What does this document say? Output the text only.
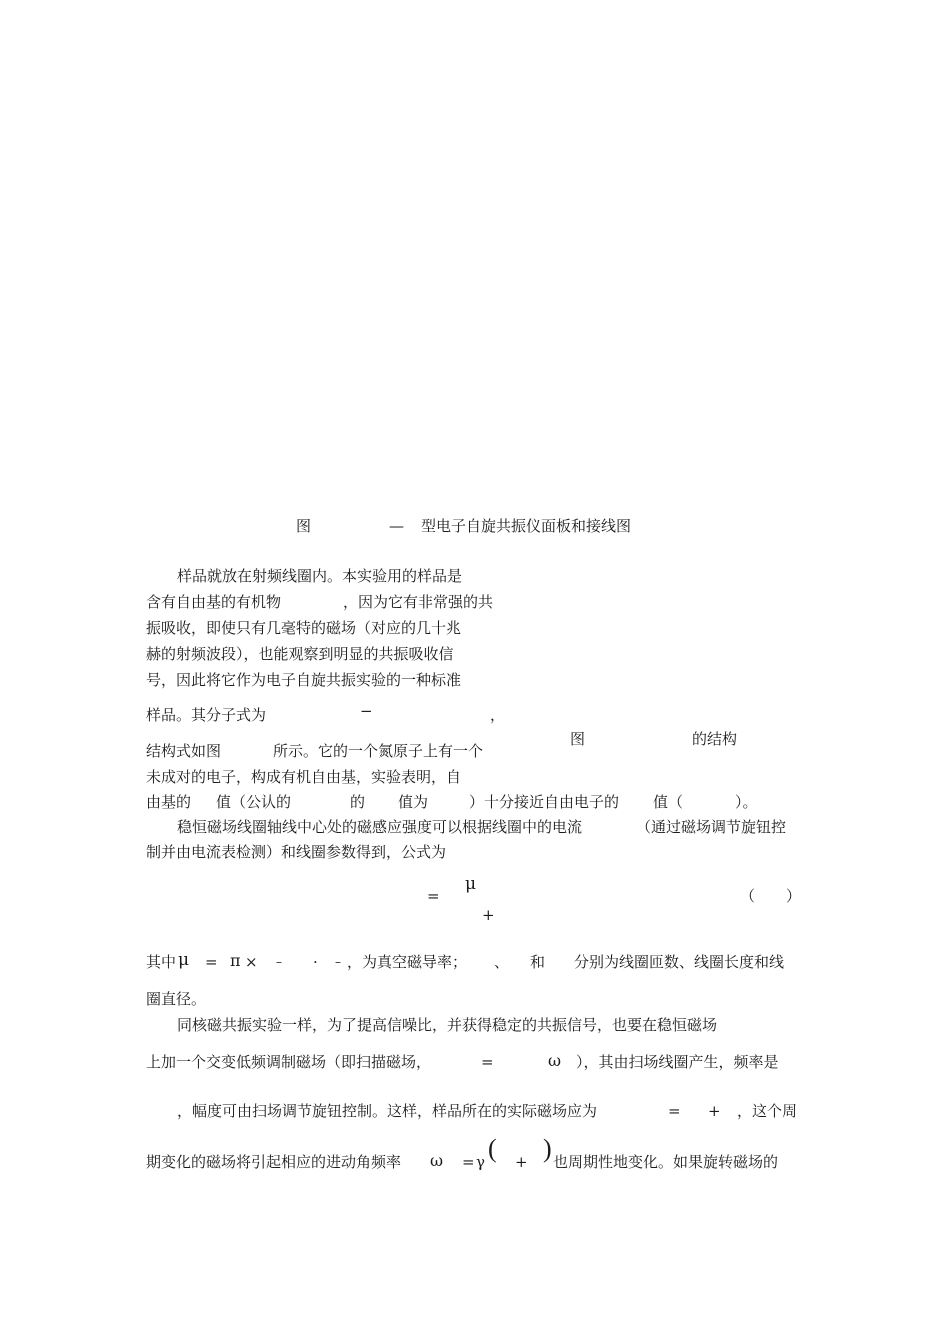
图	— 型电子自旋共振仪面板和接线图
样品就放在射频线圈内。本实验用的样品是
含有自由基的有机物	，因为它有非常强的共
振吸收，即使只有几毫特的磁场（对应的几十兆
赫的射频波段），也能观察到明显的共振吸收信
号，因此将它作为电子自旋共振实验的一种标准
样品。其分子式为	−	，
结构式如图	所示。它的一个氮原子上有一个
未成对的电子，构成有机自由基，实验表明，自
图	的结构
由基的 值（公认的	的 值为	）十分接近自由电子的 值（	）。
稳恒磁场线圈轴线中心处的磁感应强度可以根据线圈中的电流	（通过磁场调节旋钮控
制并由电流表检测）和线圈参数得到，公式为
=
μ
+
（ ）
其中 μ = π × – · – ，为真空磁导率； 、 和 分别为线圈匝数、线圈长度和线
圈直径。
同核磁共振实验一样，为了提高信噪比，并获得稳定的共振信号，也要在稳恒磁场
上加一个交变低频调制磁场（即扫描磁场，	=	ω ），其由扫场线圈产生，频率是
，幅度可由扫场调节旋钮控制。这样，样品所在的实际磁场应为	= + ，这个周
期变化的磁场将引起相应的进动角频率 ω = γ ( + ) 也周期性地变化。如果旋转磁场的
